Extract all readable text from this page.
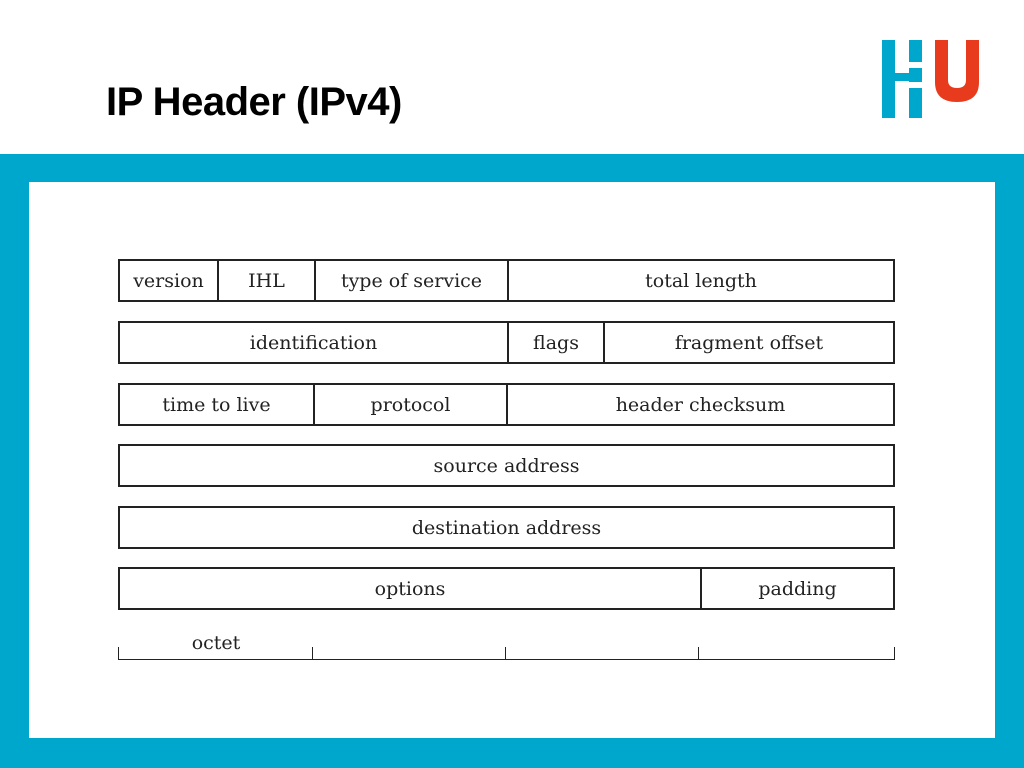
IP Header (IPv4)
version	IHL	type of service	total length
identification	flags	fragment offset
time to live	protocol	header checksum
source address
destination address
options	padding
octet
